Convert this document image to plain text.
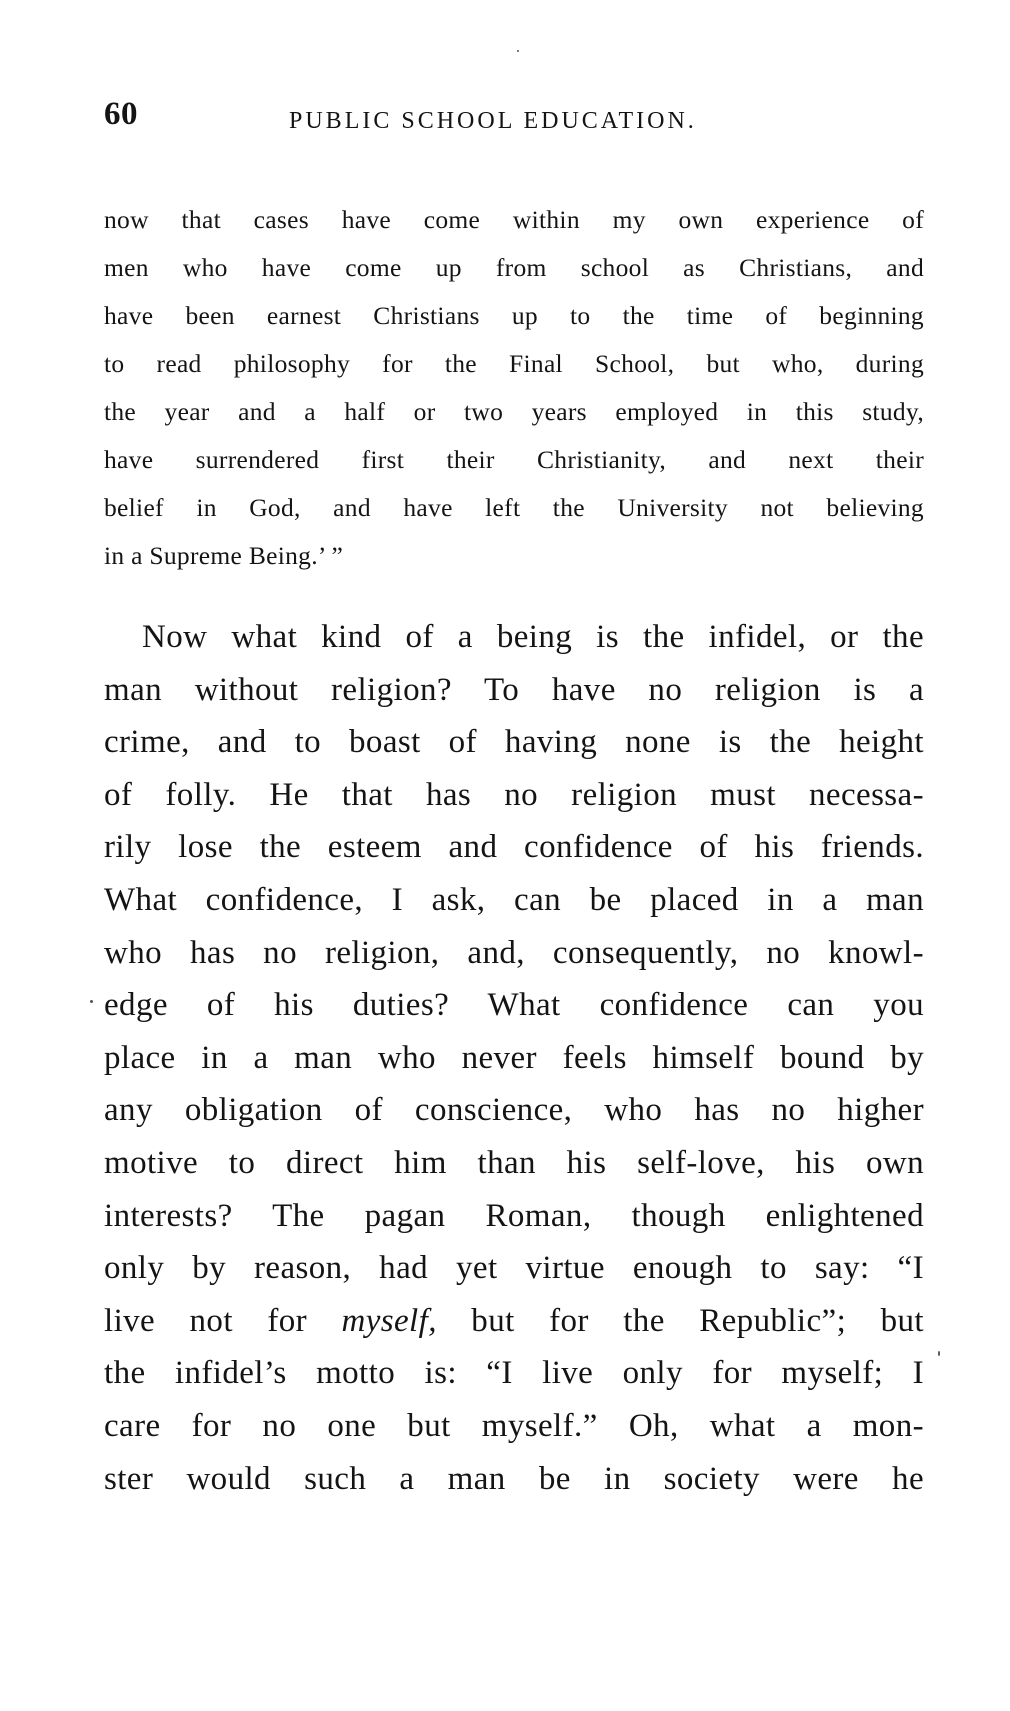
60	PUBLIC SCHOOL EDUCATION.
now that cases have come within my own experience of
men who have come up from school as Christians, and
have been earnest Christians up to the time of beginning
to read philosophy for the Final School, but who, during
the year and a half or two years employed in this study,
have surrendered first their Christianity, and next their
belief in God, and have left the University not believing
in a Supreme Being.’ ”
Now what kind of a being is the infidel, or the
man without religion? To have no religion is a
crime, and to boast of having none is the height
of folly. He that has no religion must necessa-
rily lose the esteem and confidence of his friends.
What confidence, I ask, can be placed in a man
who has no religion, and, consequently, no knowl-
edge of his duties? What confidence can you
place in a man who never feels himself bound by
any obligation of conscience, who has no higher
motive to direct him than his self-love, his own
interests? The pagan Roman, though enlightened
only by reason, had yet virtue enough to say: “I
live not for myself, but for the Republic”; but
the infidel’s motto is: “I live only for myself; I
care for no one but myself.” Oh, what a mon-
ster would such a man be in society were he
